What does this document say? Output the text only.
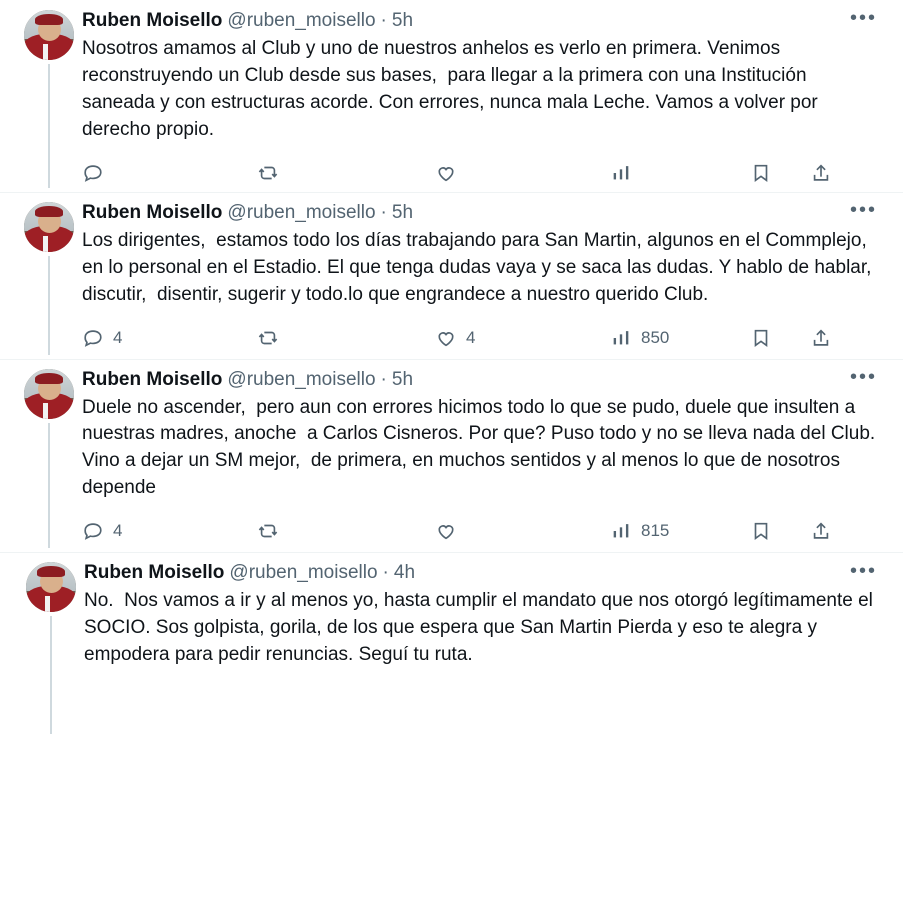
Ruben Moisello @ruben_moisello · 5h	•••
Nosotros amamos al Club y uno de nuestros anhelos es verlo en primera. Venimos reconstruyendo un Club desde sus bases,  para llegar a la primera con una Institución saneada y con estructuras acorde. Con errores, nunca mala Leche. Vamos a volver por derecho propio.
Ruben Moisello @ruben_moisello · 5h	•••
Los dirigentes,  estamos todo los días trabajando para San Martin, algunos en el Commplejo,  en lo personal en el Estadio. El que tenga dudas vaya y se saca las dudas. Y hablo de hablar, discutir,  disentir, sugerir y todo.lo que engrandece a nuestro querido Club.
4	4	850
Ruben Moisello @ruben_moisello · 5h	•••
Duele no ascender,  pero aun con errores hicimos todo lo que se pudo, duele que insulten a nuestras madres, anoche  a Carlos Cisneros. Por que? Puso todo y no se lleva nada del Club. Vino a dejar un SM mejor,  de primera, en muchos sentidos y al menos lo que de nosotros depende
4	815
Ruben Moisello @ruben_moisello · 4h	•••
No.  Nos vamos a ir y al menos yo, hasta cumplir el mandato que nos otorgó legítimamente el SOCIO. Sos golpista, gorila, de los que espera que San Martin Pierda y eso te alegra y  empodera para pedir renuncias. Seguí tu ruta.
